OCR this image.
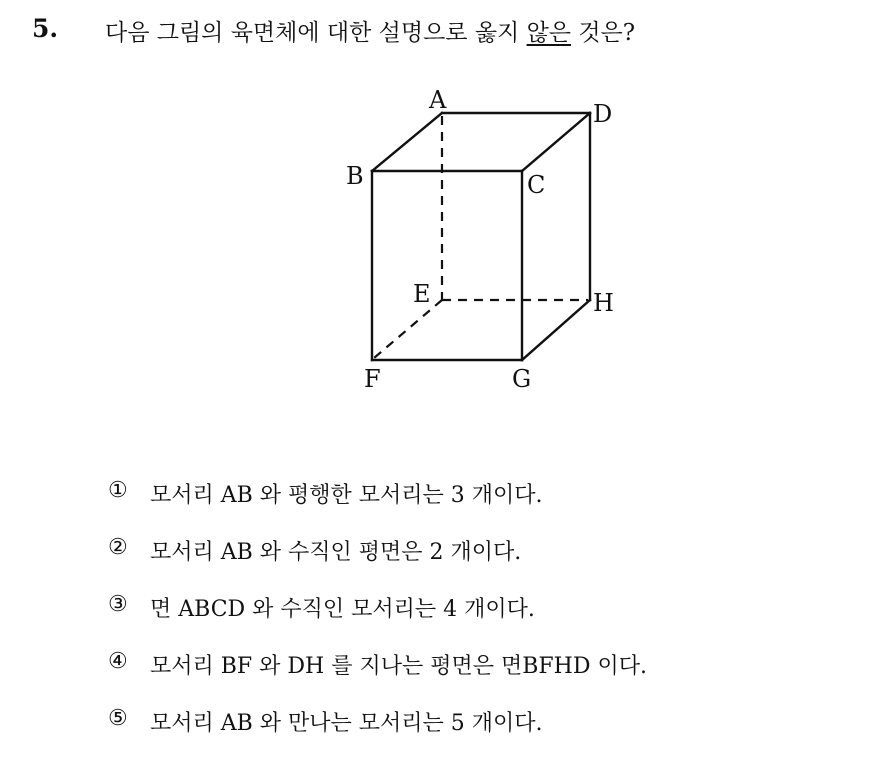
5. 다음 그림의 육면체에 대한 설명으로 옳지 않은 것은?
A
B	C
D
E
F	G
H
①	모서리 AB 와 평행한 모서리는 3 개이다.
②	모서리 AB 와 수직인 평면은 2 개이다.
③	면 ABCD 와 수직인 모서리는 4 개이다.
④	모서리 BF 와 DH 를 지나는 평면은 면BFHD 이다.
⑤	모서리 AB 와 만나는 모서리는 5 개이다.
